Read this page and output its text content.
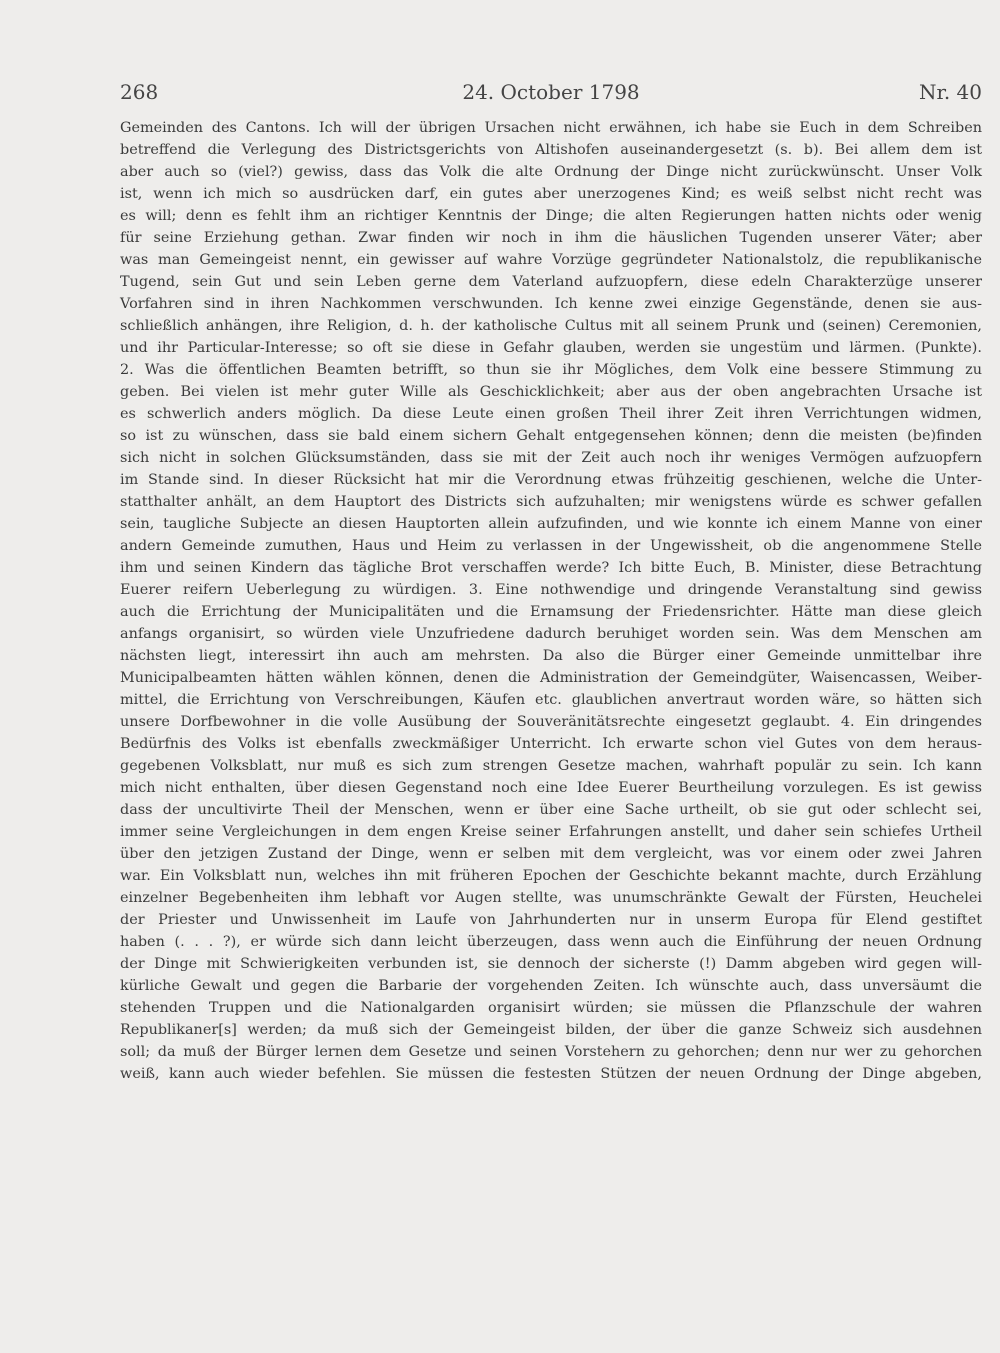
268	24. October 1798	Nr. 40
Gemeinden des Cantons. Ich will der übrigen Ursachen nicht erwähnen, ich habe sie Euch in dem Schreiben
betreffend die Verlegung des Districtsgerichts von Altishofen auseinandergesetzt (s. b). Bei allem dem ist
aber auch so (viel?) gewiss, dass das Volk die alte Ordnung der Dinge nicht zurückwünscht. Unser Volk
ist, wenn ich mich so ausdrücken darf, ein gutes aber unerzogenes Kind; es weiß selbst nicht recht was
es will; denn es fehlt ihm an richtiger Kenntnis der Dinge; die alten Regierungen hatten nichts oder wenig
für seine Erziehung gethan. Zwar finden wir noch in ihm die häuslichen Tugenden unserer Väter; aber
was man Gemeingeist nennt, ein gewisser auf wahre Vorzüge gegründeter Nationalstolz, die republikanische
Tugend, sein Gut und sein Leben gerne dem Vaterland aufzuopfern, diese edeln Charakterzüge unserer
Vorfahren sind in ihren Nachkommen verschwunden. Ich kenne zwei einzige Gegenstände, denen sie aus-
schließlich anhängen, ihre Religion, d. h. der katholische Cultus mit all seinem Prunk und (seinen) Ceremonien,
und ihr Particular-Interesse; so oft sie diese in Gefahr glauben, werden sie ungestüm und lärmen. (Punkte).
2. Was die öffentlichen Beamten betrifft, so thun sie ihr Mögliches, dem Volk eine bessere Stimmung zu
geben. Bei vielen ist mehr guter Wille als Geschicklichkeit; aber aus der oben angebrachten Ursache ist
es schwerlich anders möglich. Da diese Leute einen großen Theil ihrer Zeit ihren Verrichtungen widmen,
so ist zu wünschen, dass sie bald einem sichern Gehalt entgegensehen können; denn die meisten (be)finden
sich nicht in solchen Glücksumständen, dass sie mit der Zeit auch noch ihr weniges Vermögen aufzuopfern
im Stande sind. In dieser Rücksicht hat mir die Verordnung etwas frühzeitig geschienen, welche die Unter-
statthalter anhält, an dem Hauptort des Districts sich aufzuhalten; mir wenigstens würde es schwer gefallen
sein, taugliche Subjecte an diesen Hauptorten allein aufzufinden, und wie konnte ich einem Manne von einer
andern Gemeinde zumuthen, Haus und Heim zu verlassen in der Ungewissheit, ob die angenommene Stelle
ihm und seinen Kindern das tägliche Brot verschaffen werde? Ich bitte Euch, B. Minister, diese Betrachtung
Euerer reifern Ueberlegung zu würdigen. 3. Eine nothwendige und dringende Veranstaltung sind gewiss
auch die Errichtung der Municipalitäten und die Ernamsung der Friedensrichter. Hätte man diese gleich
anfangs organisirt, so würden viele Unzufriedene dadurch beruhiget worden sein. Was dem Menschen am
nächsten liegt, interessirt ihn auch am mehrsten. Da also die Bürger einer Gemeinde unmittelbar ihre
Municipalbeamten hätten wählen können, denen die Administration der Gemeindgüter, Waisencassen, Weiber-
mittel, die Errichtung von Verschreibungen, Käufen etc. glaublichen anvertraut worden wäre, so hätten sich
unsere Dorfbewohner in die volle Ausübung der Souveränitätsrechte eingesetzt geglaubt. 4. Ein dringendes
Bedürfnis des Volks ist ebenfalls zweckmäßiger Unterricht. Ich erwarte schon viel Gutes von dem heraus-
gegebenen Volksblatt, nur muß es sich zum strengen Gesetze machen, wahrhaft populär zu sein. Ich kann
mich nicht enthalten, über diesen Gegenstand noch eine Idee Euerer Beurtheilung vorzulegen. Es ist gewiss
dass der uncultivirte Theil der Menschen, wenn er über eine Sache urtheilt, ob sie gut oder schlecht sei,
immer seine Vergleichungen in dem engen Kreise seiner Erfahrungen anstellt, und daher sein schiefes Urtheil
über den jetzigen Zustand der Dinge, wenn er selben mit dem vergleicht, was vor einem oder zwei Jahren
war. Ein Volksblatt nun, welches ihn mit früheren Epochen der Geschichte bekannt machte, durch Erzählung
einzelner Begebenheiten ihm lebhaft vor Augen stellte, was unumschränkte Gewalt der Fürsten, Heuchelei
der Priester und Unwissenheit im Laufe von Jahrhunderten nur in unserm Europa für Elend gestiftet
haben (. . . ?), er würde sich dann leicht überzeugen, dass wenn auch die Einführung der neuen Ordnung
der Dinge mit Schwierigkeiten verbunden ist, sie dennoch der sicherste (!) Damm abgeben wird gegen will-
kürliche Gewalt und gegen die Barbarie der vorgehenden Zeiten. Ich wünschte auch, dass unversäumt die
stehenden Truppen und die Nationalgarden organisirt würden; sie müssen die Pflanzschule der wahren
Republikaner[s] werden; da muß sich der Gemeingeist bilden, der über die ganze Schweiz sich ausdehnen
soll; da muß der Bürger lernen dem Gesetze und seinen Vorstehern zu gehorchen; denn nur wer zu gehorchen
weiß, kann auch wieder befehlen. Sie müssen die festesten Stützen der neuen Ordnung der Dinge abgeben,
